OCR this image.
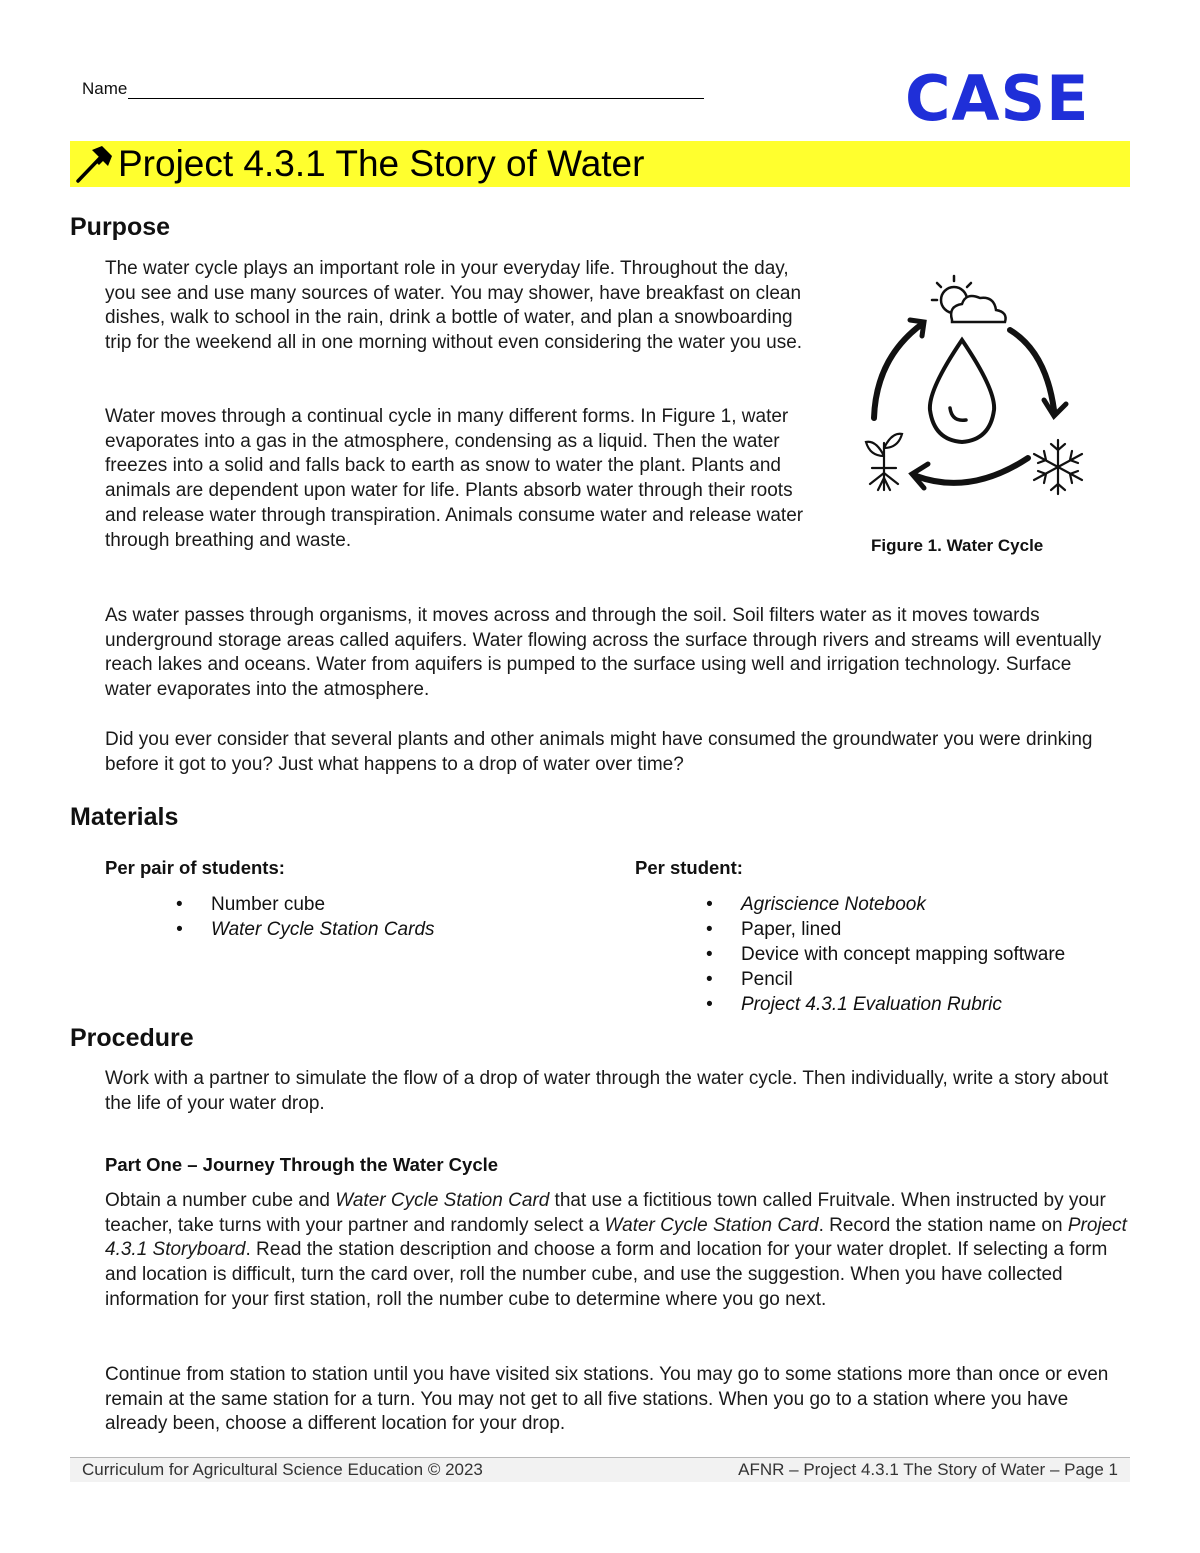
Name	CASE
Project 4.3.1 The Story of Water
Purpose

The water cycle plays an important role in your everyday life. Throughout the day, you see and use many sources of water. You may shower, have breakfast on clean dishes, walk to school in the rain, drink a bottle of water, and plan a snowboarding trip for the weekend all in one morning without even considering the water you use.

Water moves through a continual cycle in many different forms. In Figure 1, water evaporates into a gas in the atmosphere, condensing as a liquid. Then the water freezes into a solid and falls back to earth as snow to water the plant. Plants and animals are dependent upon water for life. Plants absorb water through their roots and release water through transpiration. Animals consume water and release water through breathing and waste.

As water passes through organisms, it moves across and through the soil. Soil filters water as it moves towards underground storage areas called aquifers. Water flowing across the surface through rivers and streams will eventually reach lakes and oceans. Water from aquifers is pumped to the surface using well and irrigation technology. Surface water evaporates into the atmosphere.

Did you ever consider that several plants and other animals might have consumed the groundwater you were drinking before it got to you? Just what happens to a drop of water over time?

Figure 1. Water Cycle
Materials
Per pair of students:
• Number cube
• Water Cycle Station Cards
Per student:
• Agriscience Notebook
• Paper, lined
• Device with concept mapping software
• Pencil
• Project 4.3.1 Evaluation Rubric
Procedure

Work with a partner to simulate the flow of a drop of water through the water cycle. Then individually, write a story about the life of your water drop.

Part One – Journey Through the Water Cycle

Obtain a number cube and Water Cycle Station Card that use a fictitious town called Fruitvale. When instructed by your teacher, take turns with your partner and randomly select a Water Cycle Station Card. Record the station name on Project 4.3.1 Storyboard. Read the station description and choose a form and location for your water droplet. If selecting a form and location is difficult, turn the card over, roll the number cube, and use the suggestion. When you have collected information for your first station, roll the number cube to determine where you go next.

Continue from station to station until you have visited six stations. You may go to some stations more than once or even remain at the same station for a turn. You may not get to all five stations. When you go to a station where you have already been, choose a different location for your drop.

Curriculum for Agricultural Science Education © 2023	AFNR – Project 4.3.1 The Story of Water – Page 1
